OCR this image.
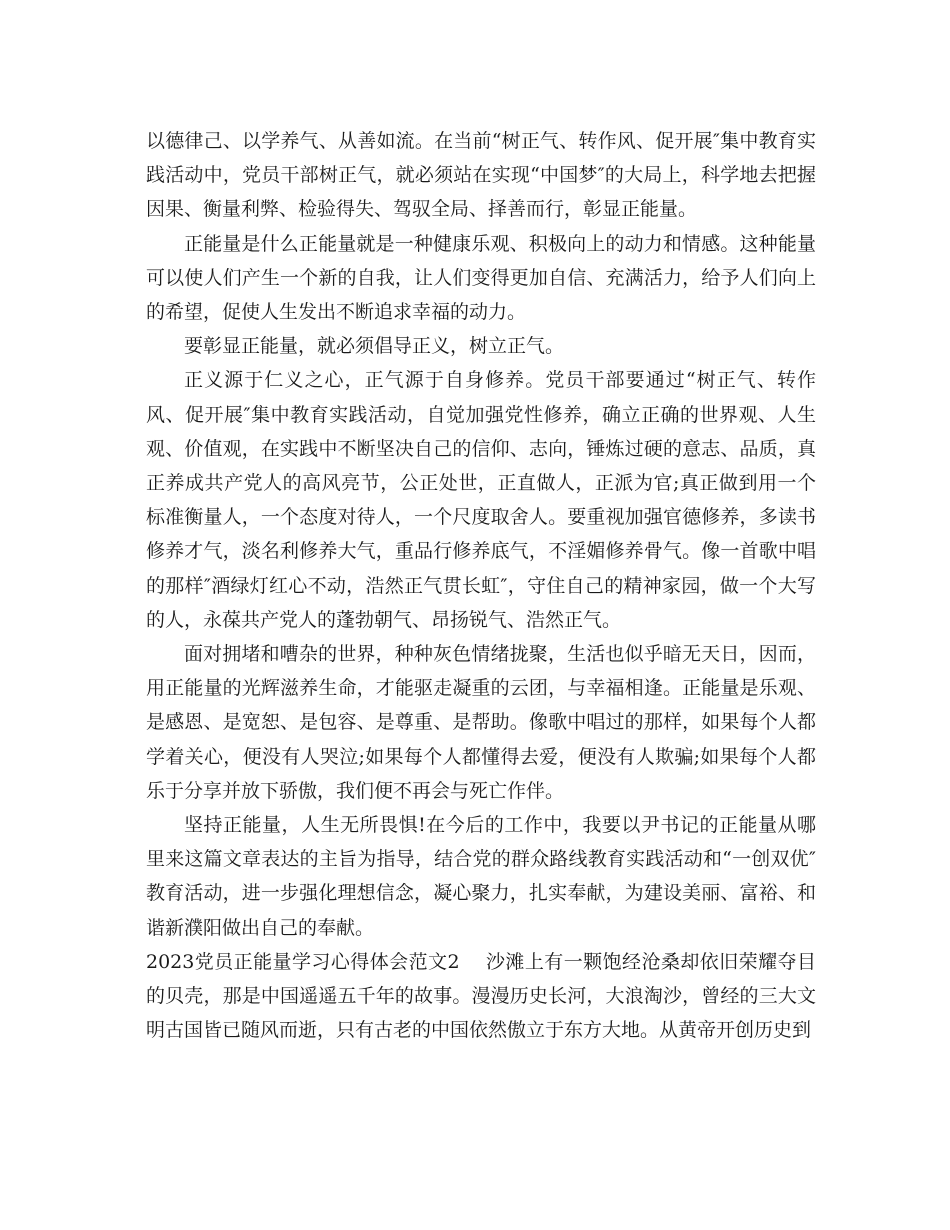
以德律己、以学养气、从善如流。在当前“树正气、转作风、促开展″集中教育实践活动中，党员干部树正气，就必须站在实现“中国梦″的大局上，科学地去把握因果、衡量利弊、检验得失、驾驭全局、择善而行，彰显正能量。

正能量是什么正能量就是一种健康乐观、积极向上的动力和情感。这种能量可以使人们产生一个新的自我，让人们变得更加自信、充满活力，给予人们向上的希望，促使人生发出不断追求幸福的动力。

要彰显正能量，就必须倡导正义，树立正气。

正义源于仁义之心，正气源于自身修养。党员干部要通过“树正气、转作风、促开展″集中教育实践活动，自觉加强党性修养，确立正确的世界观、人生观、价值观，在实践中不断坚决自己的信仰、志向，锤炼过硬的意志、品质，真正养成共产党人的高风亮节，公正处世，正直做人，正派为官;真正做到用一个标准衡量人，一个态度对待人，一个尺度取舍人。要重视加强官德修养，多读书修养才气，淡名利修养大气，重品行修养底气，不淫媚修养骨气。像一首歌中唱的那样″酒绿灯红心不动，浩然正气贯长虹″，守住自己的精神家园，做一个大写的人，永葆共产党人的蓬勃朝气、昂扬锐气、浩然正气。

面对拥堵和嘈杂的世界，种种灰色情绪拢聚，生活也似乎暗无天日，因而，用正能量的光辉滋养生命，才能驱走凝重的云团，与幸福相逢。正能量是乐观、是感恩、是宽恕、是包容、是尊重、是帮助。像歌中唱过的那样，如果每个人都学着关心，便没有人哭泣;如果每个人都懂得去爱，便没有人欺骗;如果每个人都乐于分享并放下骄傲，我们便不再会与死亡作伴。

坚持正能量，人生无所畏惧!在今后的工作中，我要以尹书记的正能量从哪里来这篇文章表达的主旨为指导，结合党的群众路线教育实践活动和“一创双优″教育活动，进一步强化理想信念，凝心聚力，扎实奉献，为建设美丽、富裕、和谐新濮阳做出自己的奉献。

2023党员正能量学习心得体会范文2 沙滩上有一颗饱经沧桑却依旧荣耀夺目的贝壳，那是中国遥遥五千年的故事。漫漫历史长河，大浪淘沙，曾经的三大文明古国皆已随风而逝，只有古老的中国依然傲立于东方大地。从黄帝开创历史到
